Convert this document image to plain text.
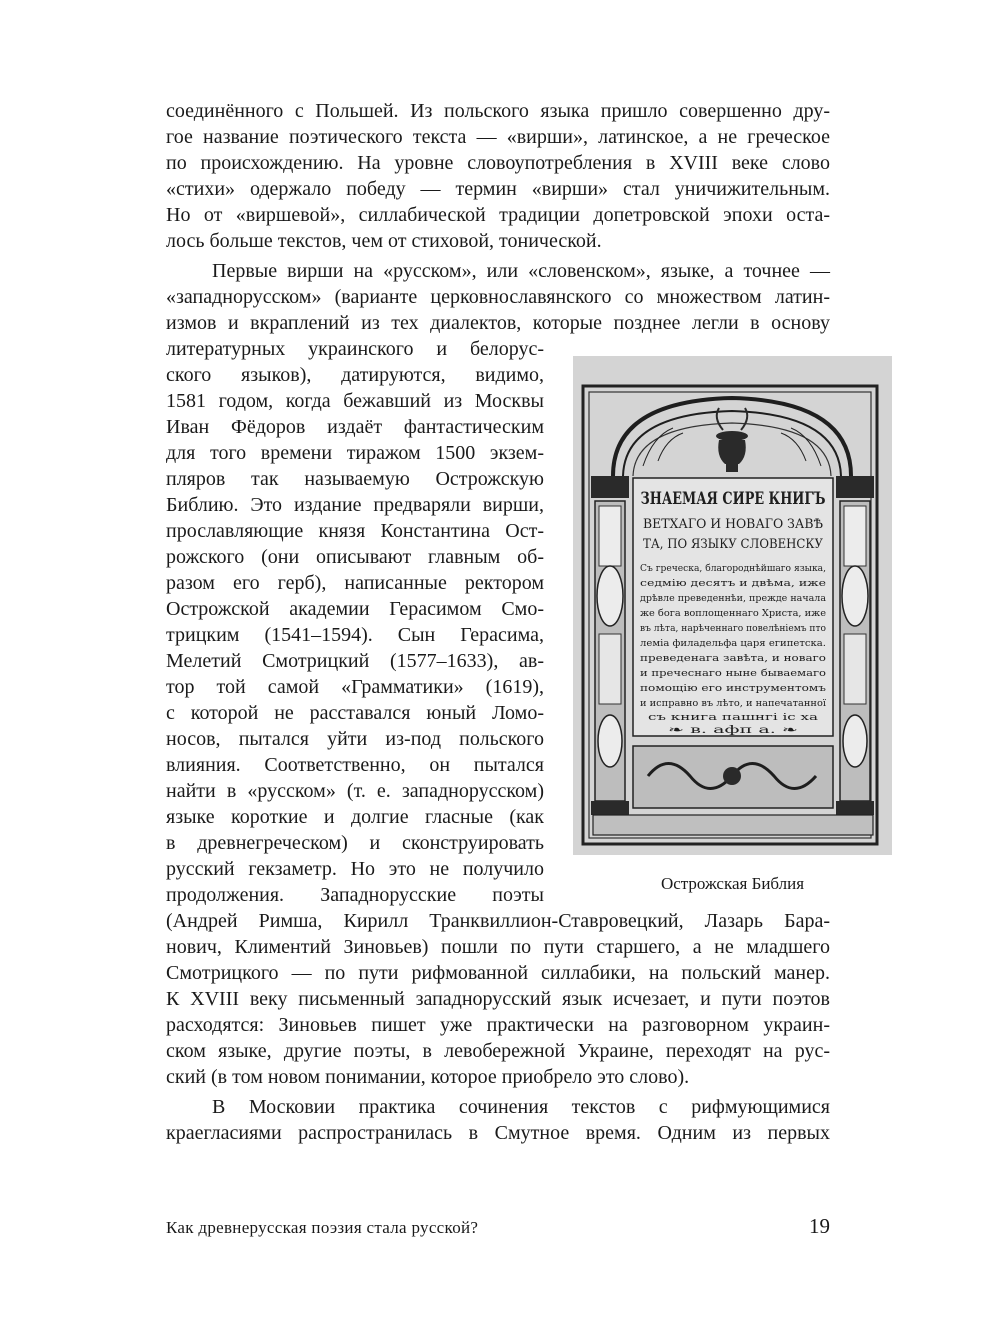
соединённого с Польшей. Из польского языка пришло совершенно дру-
гое название поэтического текста — «вирши», латинское, а не греческое
по происхождению. На уровне словоупотребления в XVIII веке слово
«стихи» одержало победу — термин «вирши» стал уничижительным.
Но от «виршевой», силлабической традиции допетровской эпохи оста-
лось больше текстов, чем от стиховой, тонической.
Первые вирши на «русском», или «словенском», языке, а точнее —
«западнорусском» (варианте церковнославянского со множеством латин-
измов и вкраплений из тех диалектов, которые позднее легли в основу
литературных украинского и белорус-
ского языков), датируются, видимо,
1581 годом, когда бежавший из Москвы
Иван Фёдоров издаёт фантастическим
для того времени тиражом 1500 экзем-
пляров так называемую Острожскую
Библию. Это издание предваряли вирши,
прославляющие князя Константина Ост-
рожского (они описывают главным об-
разом его герб), написанные ректором
Острожской академии Герасимом Смо-
трицким (1541–1594). Сын Герасима,
Мелетий Смотрицкий (1577–1633), ав-
тор той самой «Грамматики» (1619),
с которой не расставался юный Ломо-
носов, пытался уйти из-под польского
влияния. Соответственно, он пытался
найти в «русском» (т. е. западнорусском)
языке короткие и долгие гласные (как
в древнегреческом) и сконструировать
русский гекзаметр. Но это не получило
продолжения. Западнорусские поэты
(Андрей Римша, Кирилл Транквиллион-Ставровецкий, Лазарь Бара-
нович, Климентий Зиновьев) пошли по пути старшего, а не младшего
Смотрицкого — по пути рифмованной силлабики, на польский манер.
К XVIII веку письменный западнорусский язык исчезает, и пути поэтов
расходятся: Зиновьев пишет уже практически на разговорном украин-
ском языке, другие поэты, в левобережной Украине, переходят на рус-
ский (в том новом понимании, которое приобрело это слово).
В Московии практика сочинения текстов с рифмующимися
краегласиями распространилась в Смутное время. Одним из первых
ЗНАЕМАЯ СИРЕ КНИГЪ
ВЕТХАГО И НОВАГО ЗАВѢ
ТА, ПО ЯЗЫКУ СЛОВЕНСКУ
Съ греческа, благороднѣйшаго языка,
седмію десятъ и двѣма, иже
дрѣвле преведеннѣи, прежде начала
же бога воплощеннаго Христа, иже
въ лѣта, нарѣченнаго повелѣніемъ пто
леміа филадельфа царя египетска.
преведенага завѣта, и новаго
и пречеснаго ныне бываемаго
помощію его инструментомъ
и исправно въ лѣто, и напечатанної
съ книга пашнгі іс ха
❧ в. афп а. ❧
Острожская Библия
Как древнерусская поэзия стала русской?	19
